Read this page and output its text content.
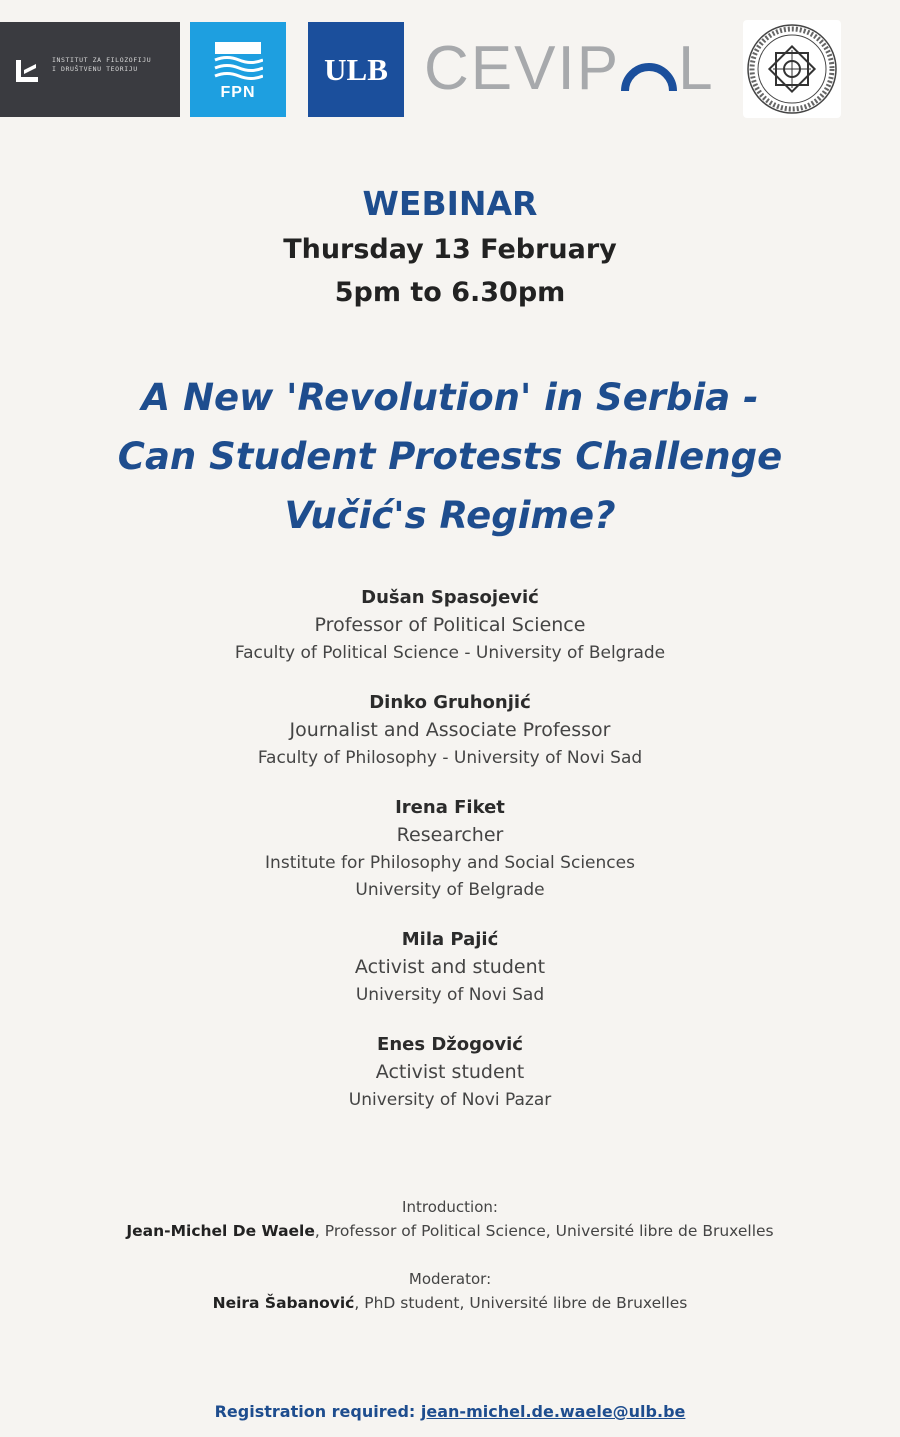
INSTITUT ZA FILOZOFIJU
I DRUŠTVENU TEORIJU
FPN
ULB CEVIP L
WEBINAR
Thursday 13 February
5pm to 6.30pm
A New 'Revolution' in Serbia -
Can Student Protests Challenge
Vučić's Regime?
Dušan Spasojević
Professor of Political Science
Faculty of Political Science - University of Belgrade
Dinko Gruhonjić
Journalist and Associate Professor
Faculty of Philosophy - University of Novi Sad
Irena Fiket
Researcher
Institute for Philosophy and Social Sciences
University of Belgrade
Mila Pajić
Activist and student
University of Novi Sad
Enes Džogović
Activist student
University of Novi Pazar
Introduction:
Jean-Michel De Waele, Professor of Political Science, Université libre de Bruxelles
Moderator:
Neira Šabanović, PhD student, Université libre de Bruxelles
Registration required: jean-michel.de.waele@ulb.be
